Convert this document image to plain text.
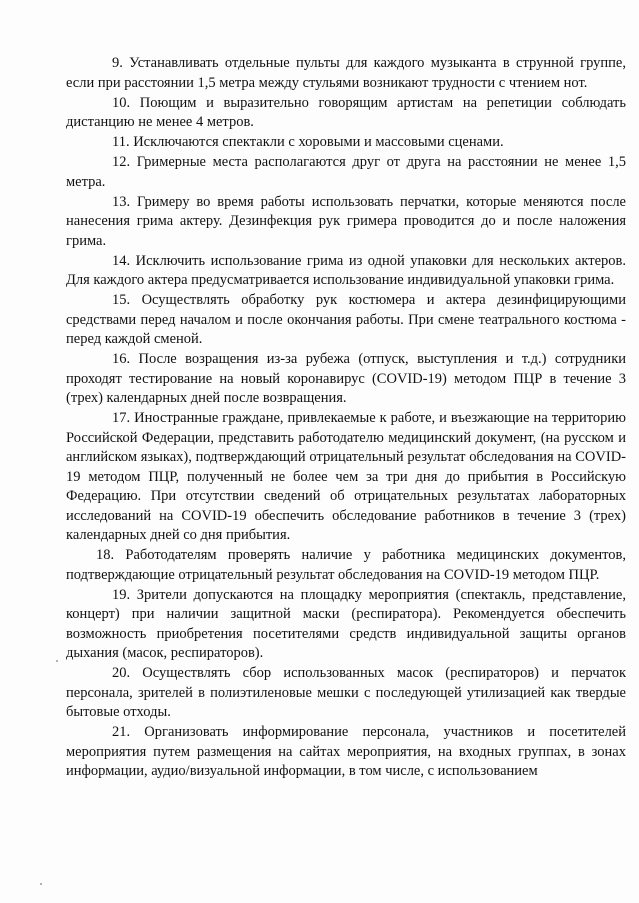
9. Устанавливать отдельные пульты для каждого музыканта в струнной группе, если при расстоянии 1,5 метра между стульями возникают трудности с чтением нот.

10. Поющим и выразительно говорящим артистам на репетиции соблюдать дистанцию не менее 4 метров.

11. Исключаются спектакли с хоровыми и массовыми сценами.

12. Гримерные места располагаются друг от друга на расстоянии не менее 1,5 метра.

13. Гримеру во время работы использовать перчатки, которые меняются после нанесения грима актеру. Дезинфекция рук гримера проводится до и после наложения грима.

14. Исключить использование грима из одной упаковки для нескольких актеров. Для каждого актера предусматривается использование индивидуальной упаковки грима.

15. Осуществлять обработку рук костюмера и актера дезинфицирующими средствами перед началом и после окончания работы. При смене театрального костюма - перед каждой сменой.

16. После возращения из-за рубежа (отпуск, выступления и т.д.) сотрудники проходят тестирование на новый коронавирус (COVID-19) методом ПЦР в течение 3 (трех) календарных дней после возвращения.

17. Иностранные граждане, привлекаемые к работе, и въезжающие на территорию Российской Федерации, представить работодателю медицинский документ, (на русском и английском языках), подтверждающий отрицательный результат обследования на COVID-19 методом ПЦР, полученный не более чем за три дня до прибытия в Российскую Федерацию. При отсутствии сведений об отрицательных результатах лабораторных исследований на COVID-19 обеспечить обследование работников в течение 3 (трех) календарных дней со дня прибытия.

18. Работодателям проверять наличие у работника медицинских документов, подтверждающие отрицательный результат обследования на COVID-19 методом ПЦР.

19. Зрители допускаются на площадку мероприятия (спектакль, представление, концерт) при наличии защитной маски (респиратора). Рекомендуется обеспечить возможность приобретения посетителями средств индивидуальной защиты органов дыхания (масок, респираторов).

20. Осуществлять сбор использованных масок (респираторов) и перчаток персонала, зрителей в полиэтиленовые мешки с последующей утилизацией как твердые бытовые отходы.

21. Организовать информирование персонала, участников и посетителей мероприятия путем размещения на сайтах мероприятия, на входных группах, в зонах информации, аудио/визуальной информации, в том числе, с использованием
